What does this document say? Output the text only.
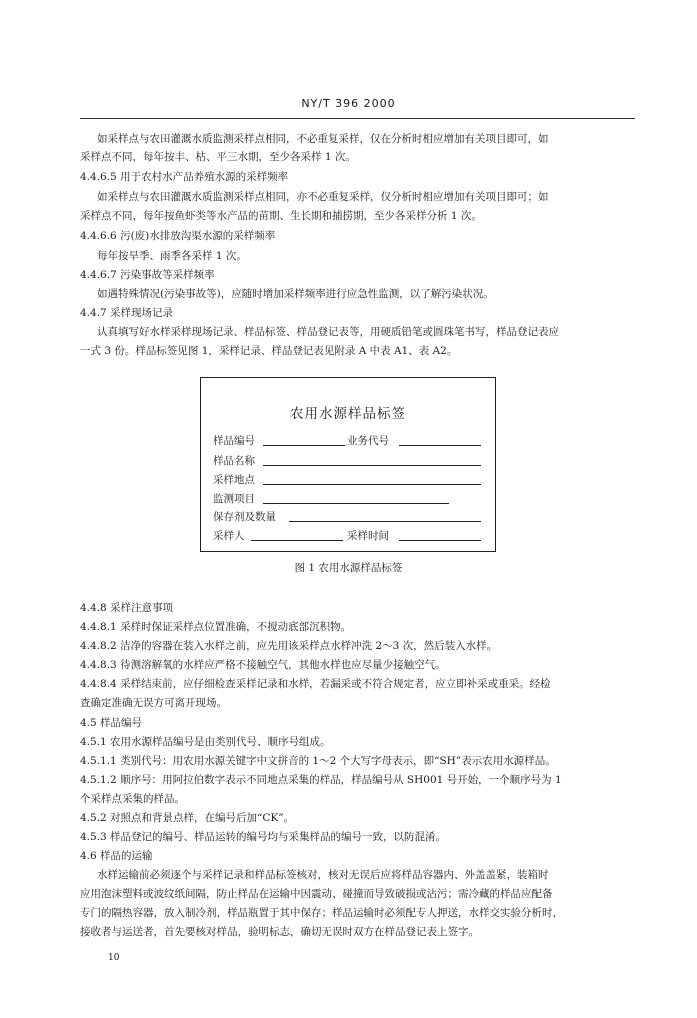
NY/T 396 2000
如采样点与农田灌溉水质监测采样点相同，不必重复采样，仅在分析时相应增加有关项目即可，如
采样点不同，每年按丰、枯、平三水期，至少各采样 1 次。
4.4.6.5 用于农村水产品养殖水源的采样频率
如采样点与农田灌溉水质监测采样点相同，亦不必重复采样，仅分析时相应增加有关项目即可；如
采样点不同，每年按鱼虾类等水产品的苗期、生长期和捕捞期，至少各采样分析 1 次。
4.4.6.6 污(废)水排放沟渠水源的采样频率
每年按旱季、雨季各采样 1 次。
4.4.6.7 污染事故等采样频率
如遇特殊情况(污染事故等)，应随时增加采样频率进行应急性监测，以了解污染状况。
4.4.7 采样现场记录
认真填写好水样采样现场记录、样品标签、样品登记表等，用硬质铅笔或圆珠笔书写，样品登记表应
一式 3 份。样品标签见图 1，采样记录、样品登记表见附录 A 中表 A1、表 A2。
农用水源样品标签
样品编号	业务代号
样品名称
采样地点
监测项目
保存剂及数量
采样人	采样时间
图 1 农用水源样品标签
4.4.8 采样注意事项
4.4.8.1 采样时保证采样点位置准确，不搅动底部沉积物。
4.4.8.2 洁净的容器在装入水样之前，应先用该采样点水样冲洗 2～3 次，然后装入水样。
4.4.8.3 待测溶解氧的水样应严格不接触空气，其他水样也应尽量少接触空气。
4.4.8.4 采样结束前，应仔细检查采样记录和水样，若漏采或不符合规定者，应立即补采或重采。经检
查确定准确无误方可离开现场。
4.5 样品编号
4.5.1 农用水源样品编号是由类别代号、顺序号组成。
4.5.1.1 类别代号：用农用水源关键字中文拼音的 1～2 个大写字母表示，即“SH”表示农用水源样品。
4.5.1.2 顺序号：用阿拉伯数字表示不同地点采集的样品，样品编号从 SH001 号开始，一个顺序号为 1
个采样点采集的样品。
4.5.2 对照点和背景点样，在编号后加“CK”。
4.5.3 样品登记的编号、样品运转的编号均与采集样品的编号一致，以防混淆。
4.6 样品的运输
水样运输前必须逐个与采样记录和样品标签核对，核对无误后应将样品容器内、外盖盖紧，装箱时
应用泡沫塑料或波纹纸间隔，防止样品在运输中因震动、碰撞而导致破损或沾污；需冷藏的样品应配备
专门的隔热容器，放入制冷剂，样品瓶置于其中保存；样品运输时必须配专人押送，水样交实验分析时，
接收者与运送者，首先要核对样品，验明标志，确切无误时双方在样品登记表上签字。
10
